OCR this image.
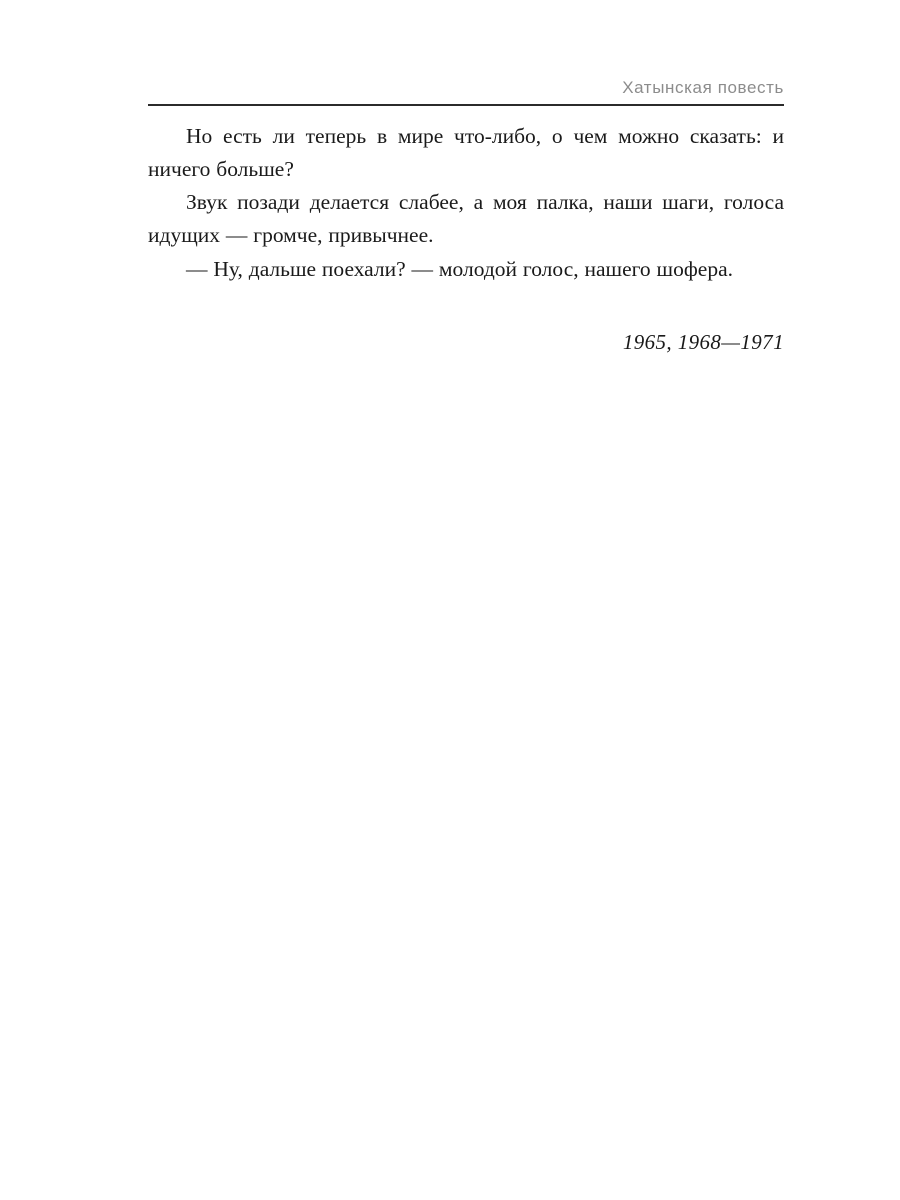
Хатынская повесть

Но есть ли теперь в мире что-либо, о чем можно сказать: и ничего больше?

Звук позади делается слабее, а моя палка, наши шаги, голоса идущих — громче, привычнее.

— Ну, дальше поехали? — молодой голос, нашего шофера.

1965, 1968—1971
